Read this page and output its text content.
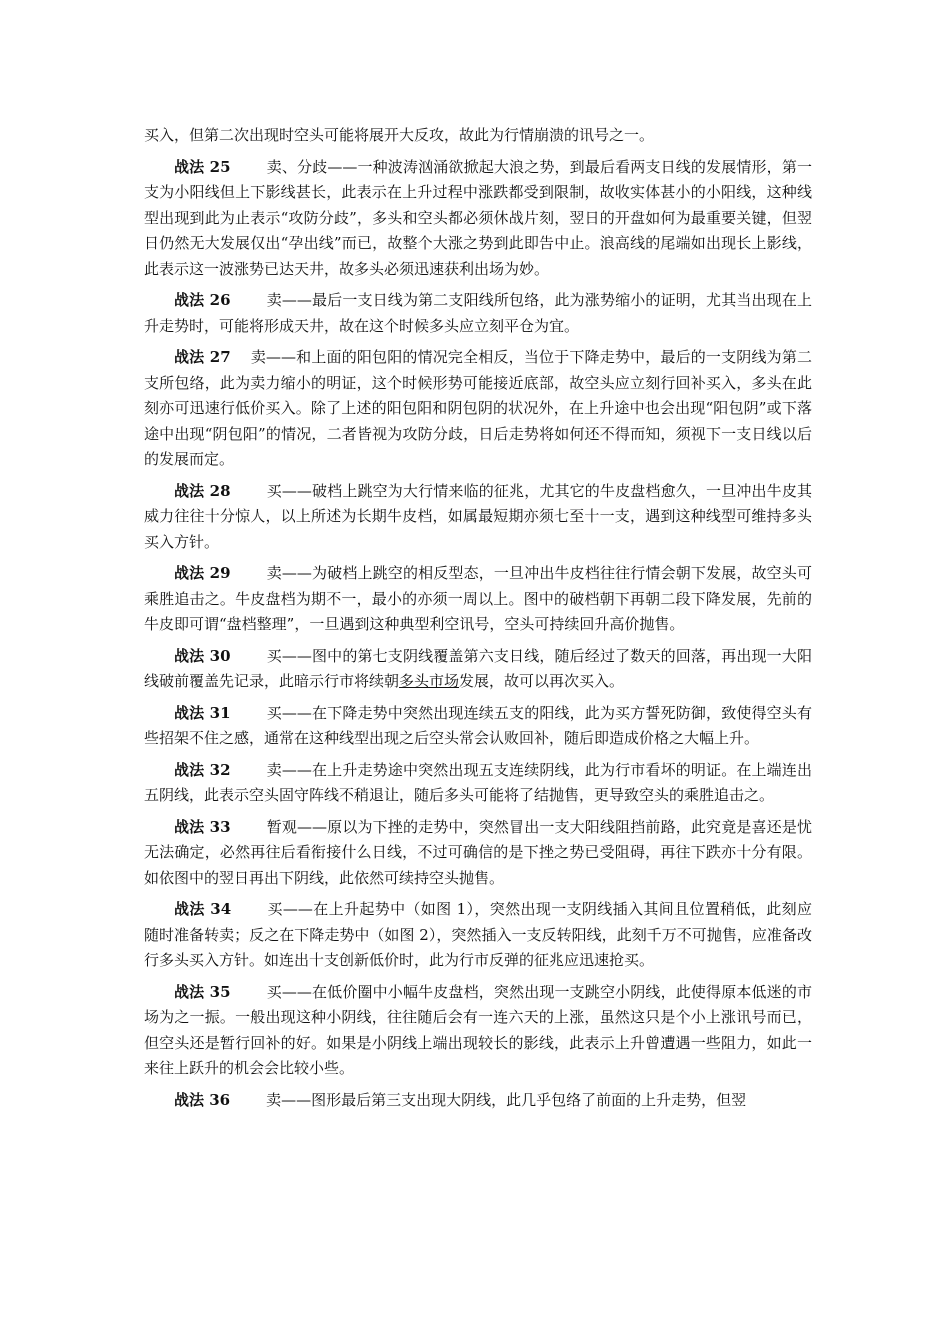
买入，但第二次出现时空头可能将展开大反攻，故此为行情崩溃的讯号之一。

战法 25 卖、分歧——一种波涛汹涌欲掀起大浪之势，到最后看两支日线的发展情形，第一支为小阳线但上下影线甚长，此表示在上升过程中涨跌都受到限制，故收实体甚小的小阳线，这种线型出现到此为止表示“攻防分歧”，多头和空头都必须休战片刻，翌日的开盘如何为最重要关键，但翌日仍然无大发展仅出“孕出线”而已，故整个大涨之势到此即告中止。浪高线的尾端如出现长上影线，此表示这一波涨势已达天井，故多头必须迅速获利出场为妙。

战法 26 卖——最后一支日线为第二支阳线所包络，此为涨势缩小的证明，尤其当出现在上升走势时，可能将形成天井，故在这个时候多头应立刻平仓为宜。

战法 27 卖——和上面的阳包阳的情况完全相反，当位于下降走势中，最后的一支阴线为第二支所包络，此为卖力缩小的明证，这个时候形势可能接近底部，故空头应立刻行回补买入，多头在此刻亦可迅速行低价买入。除了上述的阳包阳和阴包阴的状况外，在上升途中也会出现“阳包阴”或下落途中出现“阴包阳”的情况，二者皆视为攻防分歧，日后走势将如何还不得而知，须视下一支日线以后的发展而定。

战法 28 买——破档上跳空为大行情来临的征兆，尤其它的牛皮盘档愈久，一旦冲出牛皮其威力往往十分惊人，以上所述为长期牛皮档，如属最短期亦须七至十一支，遇到这种线型可维持多头买入方针。

战法 29 卖——为破档上跳空的相反型态，一旦冲出牛皮档往往行情会朝下发展，故空头可乘胜追击之。牛皮盘档为期不一，最小的亦须一周以上。图中的破档朝下再朝二段下降发展，先前的牛皮即可谓“盘档整理”，一旦遇到这种典型利空讯号，空头可持续回升高价抛售。

战法 30 买——图中的第七支阴线覆盖第六支日线，随后经过了数天的回落，再出现一大阳线破前覆盖先记录，此暗示行市将续朝多头市场发展，故可以再次买入。

战法 31 买——在下降走势中突然出现连续五支的阳线，此为买方誓死防御，致使得空头有些招架不住之感，通常在这种线型出现之后空头常会认败回补，随后即造成价格之大幅上升。

战法 32 卖——在上升走势途中突然出现五支连续阴线，此为行市看坏的明证。在上端连出五阴线，此表示空头固守阵线不稍退让，随后多头可能将了结抛售，更导致空头的乘胜追击之。

战法 33 暂观——原以为下挫的走势中，突然冒出一支大阳线阻挡前路，此究竟是喜还是忧无法确定，必然再往后看衔接什么日线，不过可确信的是下挫之势已受阻碍，再往下跌亦十分有限。如依图中的翌日再出下阴线，此依然可续持空头抛售。

战法 34 买——在上升起势中（如图 1），突然出现一支阴线插入其间且位置稍低，此刻应随时准备转卖；反之在下降走势中（如图 2），突然插入一支反转阳线，此刻千万不可抛售，应准备改行多头买入方针。如连出十支创新低价时，此为行市反弹的征兆应迅速抢买。

战法 35 买——在低价圈中小幅牛皮盘档，突然出现一支跳空小阴线，此使得原本低迷的市场为之一振。一般出现这种小阴线，往往随后会有一连六天的上涨，虽然这只是个小上涨讯号而已，但空头还是暂行回补的好。如果是小阴线上端出现较长的影线，此表示上升曾遭遇一些阻力，如此一来往上跃升的机会会比较小些。

战法 36 卖——图形最后第三支出现大阴线，此几乎包络了前面的上升走势，但翌
